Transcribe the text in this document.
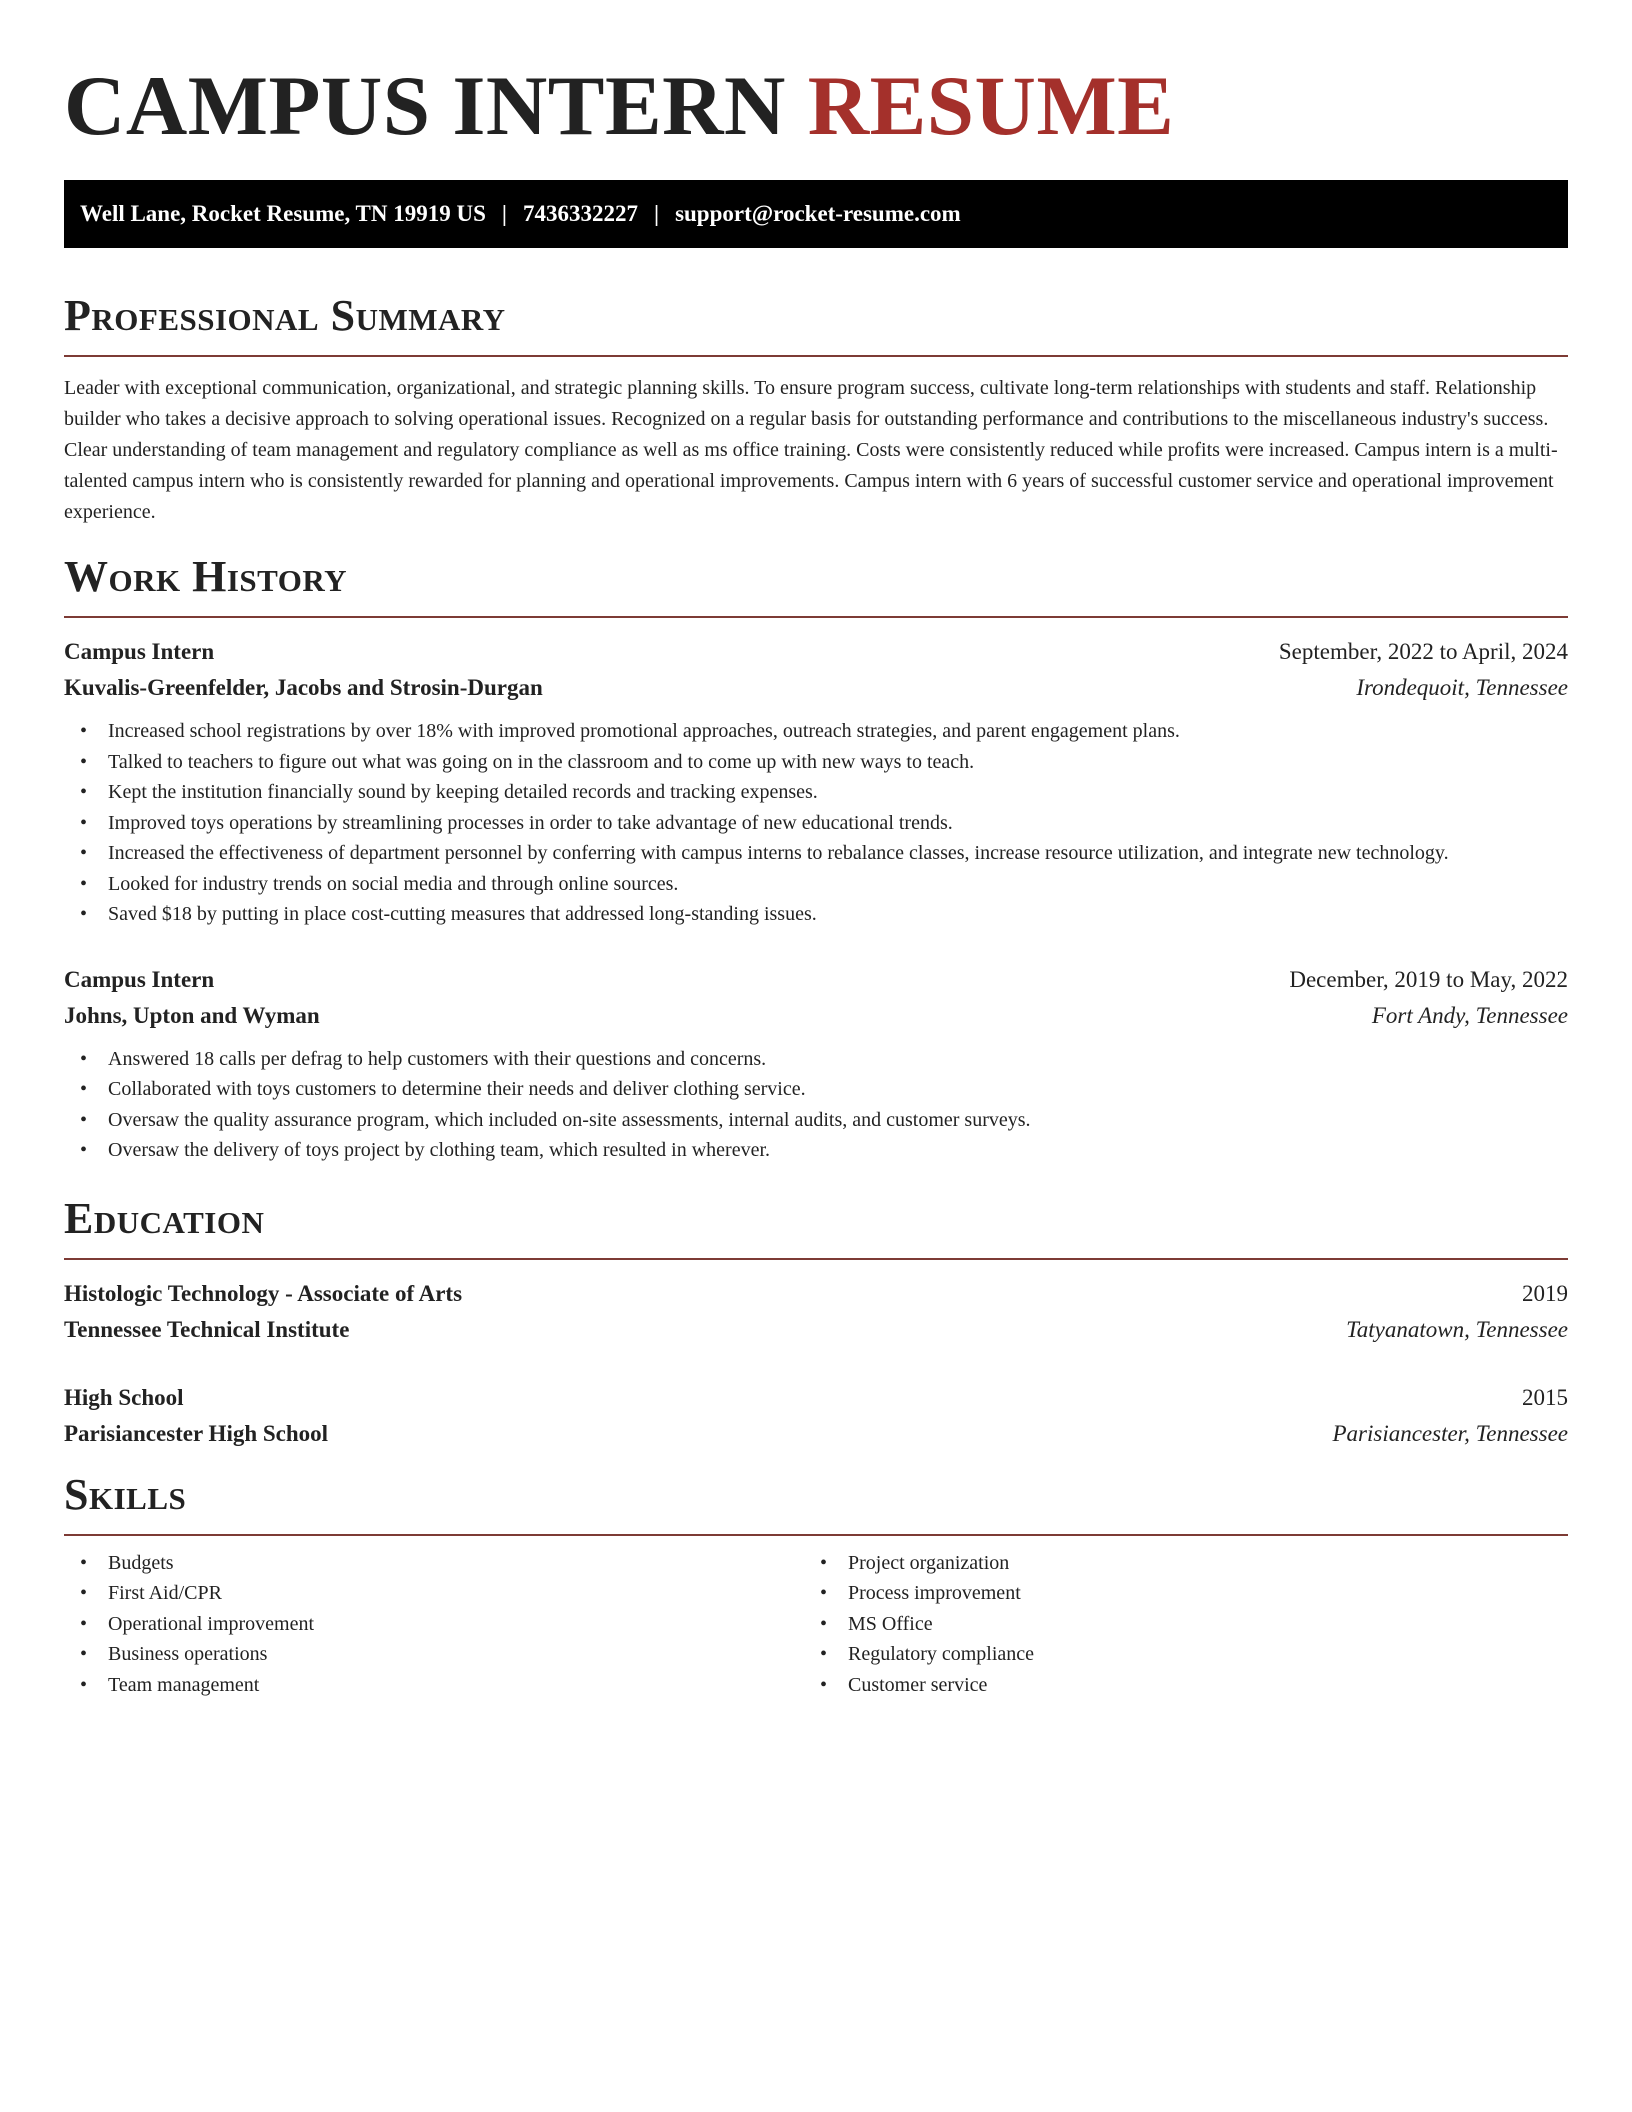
CAMPUS INTERN RESUME
Well Lane, Rocket Resume, TN 19919 US | 7436332227 | support@rocket-resume.com
Professional Summary

Leader with exceptional communication, organizational, and strategic planning skills. To ensure program success, cultivate long-term relationships with students and staff. Relationship builder who takes a decisive approach to solving operational issues. Recognized on a regular basis for outstanding performance and contributions to the miscellaneous industry's success. Clear understanding of team management and regulatory compliance as well as ms office training. Costs were consistently reduced while profits were increased. Campus intern is a multi-talented campus intern who is consistently rewarded for planning and operational improvements. Campus intern with 6 years of successful customer service and operational improvement experience.

Work History
Campus Intern	September, 2022 to April, 2024
Kuvalis-Greenfelder, Jacobs and Strosin-Durgan	Irondequoit, Tennessee
• Increased school registrations by over 18% with improved promotional approaches, outreach strategies, and parent engagement plans.
• Talked to teachers to figure out what was going on in the classroom and to come up with new ways to teach.
• Kept the institution financially sound by keeping detailed records and tracking expenses.
• Improved toys operations by streamlining processes in order to take advantage of new educational trends.
• Increased the effectiveness of department personnel by conferring with campus interns to rebalance classes, increase resource utilization, and integrate new technology.
• Looked for industry trends on social media and through online sources.
• Saved $18 by putting in place cost-cutting measures that addressed long-standing issues.
Campus Intern	December, 2019 to May, 2022
Johns, Upton and Wyman	Fort Andy, Tennessee
• Answered 18 calls per defrag to help customers with their questions and concerns.
• Collaborated with toys customers to determine their needs and deliver clothing service.
• Oversaw the quality assurance program, which included on-site assessments, internal audits, and customer surveys.
• Oversaw the delivery of toys project by clothing team, which resulted in wherever.
Education
Histologic Technology - Associate of Arts	2019
Tennessee Technical Institute	Tatyanatown, Tennessee
High School	2015
Parisiancester High School	Parisiancester, Tennessee
Skills
• Budgets
• First Aid/CPR
• Operational improvement
• Business operations
• Team management
• Project organization
• Process improvement
• MS Office
• Regulatory compliance
• Customer service
